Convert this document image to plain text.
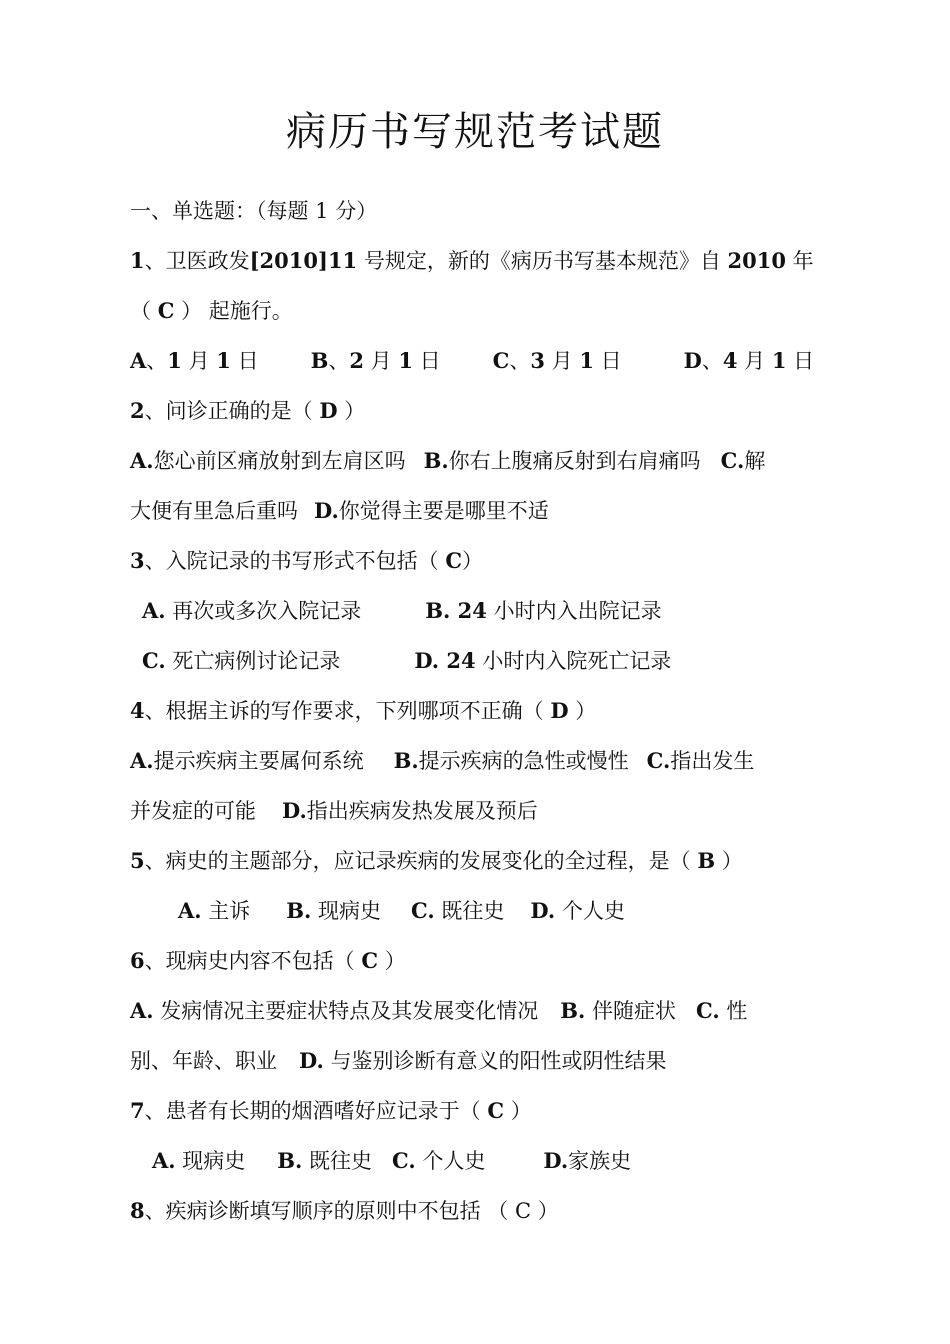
病历书写规范考试题
一、单选题：（每题 1 分）
1、卫医政发[2010]11 号规定，新的《病历书写基本规范》自 2010 年
（ C ） 起施行。
A、1 月 1 日 B、2 月 1 日 C、3 月 1 日	D、4 月 1 日
2、问诊正确的是（ D ）
A.您心前区痛放射到左肩区吗 B.你右上腹痛反射到右肩痛吗 C.解
大便有里急后重吗 D.你觉得主要是哪里不适
3、入院记录的书写形式不包括（ C）
A. 再次或多次入院记录	B. 24 小时内入出院记录
C. 死亡病例讨论记录	D. 24 小时内入院死亡记录
4、根据主诉的写作要求，下列哪项不正确（ D ）
A.提示疾病主要属何系统 B.提示疾病的急性或慢性 C.指出发生
并发症的可能 D.指出疾病发热发展及预后
5、病史的主题部分，应记录疾病的发展变化的全过程，是（ B ）
A. 主诉 B. 现病史 C. 既往史 D. 个人史
6、现病史内容不包括（ C ）
A. 发病情况主要症状特点及其发展变化情况 B. 伴随症状 C. 性
别、年龄、职业 D. 与鉴别诊断有意义的阳性或阴性结果
7、患者有长期的烟酒嗜好应记录于（ C ）
A. 现病史 B. 既往史 C. 个人史	D.家族史
8、疾病诊断填写顺序的原则中不包括 （ C ）
